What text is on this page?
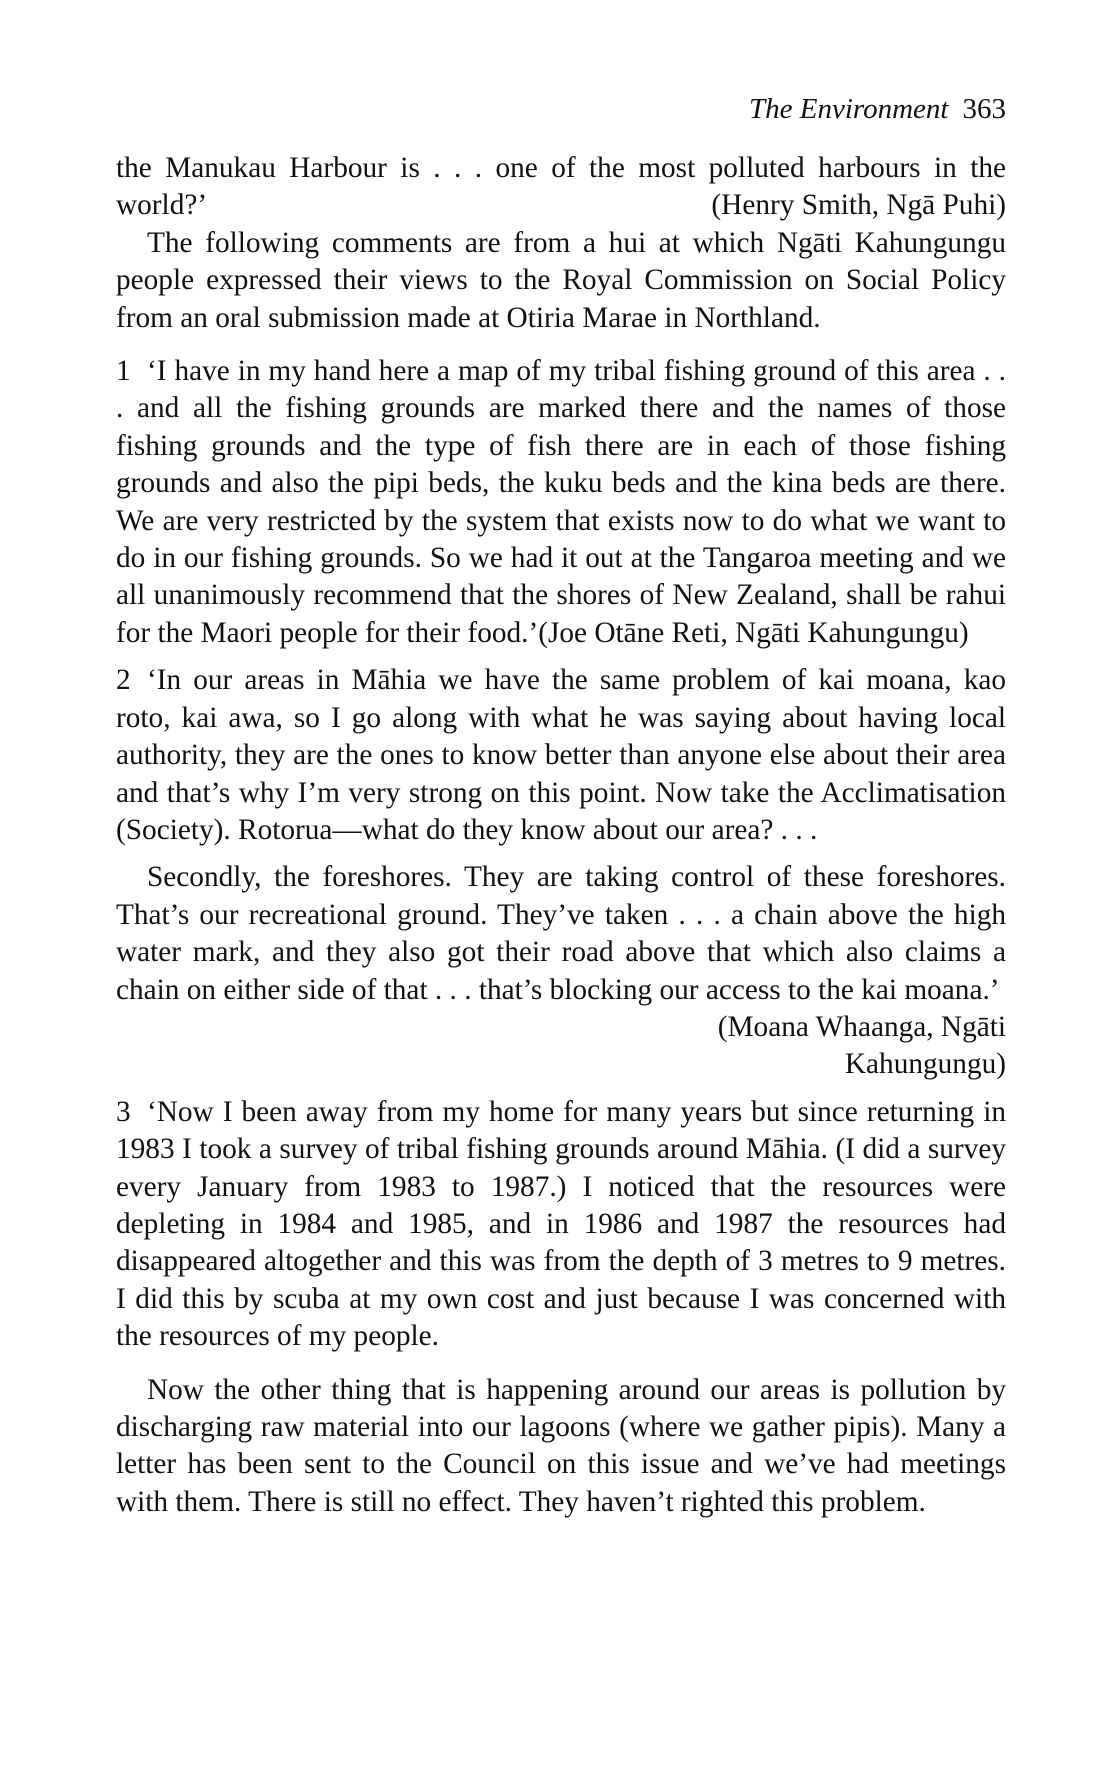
The Environment 363

the Manukau Harbour is . . . one of the most polluted harbours in the world?’	(Henry Smith, Ngā Puhi)

The following comments are from a hui at which Ngāti Kahungungu people expressed their views to the Royal Commission on Social Policy from an oral submission made at Otiria Marae in Northland.

1 ‘I have in my hand here a map of my tribal fishing ground of this area . . . and all the fishing grounds are marked there and the names of those fishing grounds and the type of fish there are in each of those fishing grounds and also the pipi beds, the kuku beds and the kina beds are there. We are very restricted by the system that exists now to do what we want to do in our fishing grounds. So we had it out at the Tangaroa meeting and we all unanimously recommend that the shores of New Zealand, shall be rahui for the Maori people for their food.’(Joe Otāne Reti, Ngāti Kahungungu)

2 ‘In our areas in Māhia we have the same problem of kai moana, kao roto, kai awa, so I go along with what he was saying about having local authority, they are the ones to know better than anyone else about their area and that’s why I’m very strong on this point. Now take the Acclimatisation (Society). Rotorua—what do they know about our area? . . .

Secondly, the foreshores. They are taking control of these foreshores. That’s our recreational ground. They’ve taken . . . a chain above the high water mark, and they also got their road above that which also claims a chain on either side of that . . . that’s blocking our access to the kai moana.’
(Moana Whaanga, Ngāti

Kahungungu)

3 ‘Now I been away from my home for many years but since returning in 1983 I took a survey of tribal fishing grounds around Māhia. (I did a survey every January from 1983 to 1987.) I noticed that the resources were depleting in 1984 and 1985, and in 1986 and 1987 the resources had disappeared altogether and this was from the depth of 3 metres to 9 metres. I did this by scuba at my own cost and just because I was concerned with the resources of my people.

Now the other thing that is happening around our areas is pollution by discharging raw material into our lagoons (where we gather pipis). Many a letter has been sent to the Council on this issue and we’ve had meetings with them. There is still no effect. They haven’t righted this problem.
